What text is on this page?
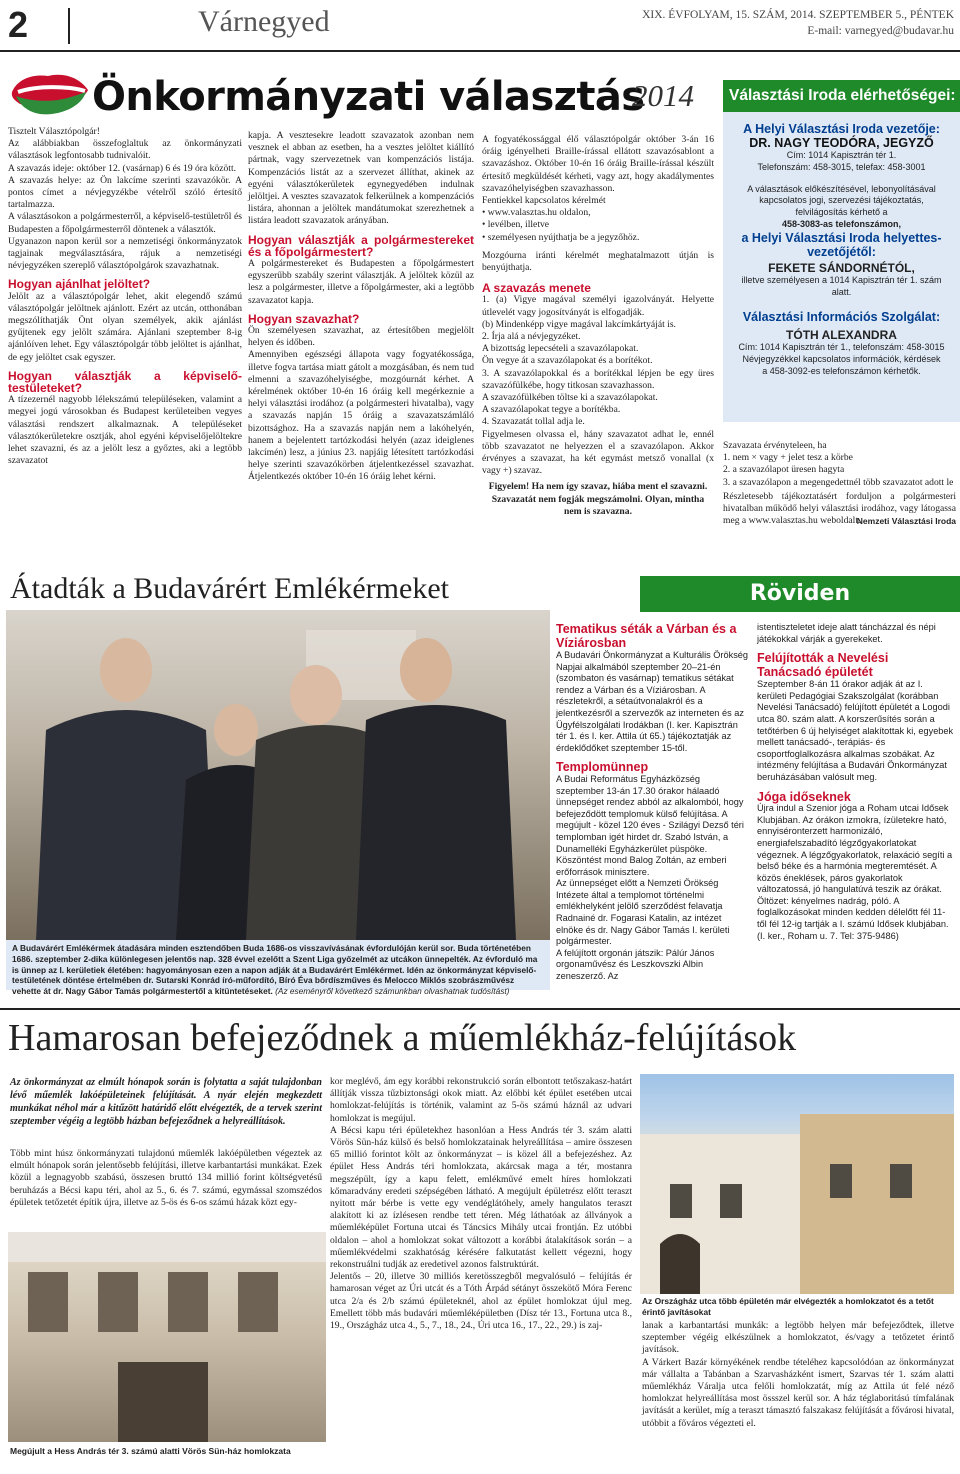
2	Várnegyed	XIX. ÉVFOLYAM, 15. SZÁM, 2014. SZEPTEMBER 5., PÉNTEK
E-mail: varnegyed@budavar.hu
Önkormányzati választás
2014

Tisztelt Választópolgár!

Az alábbiakban összefoglaltuk az önkormányzati választások legfontosabb tudnivalóit.

A szavazás ideje: október 12. (vasárnap) 6 és 19 óra között.

A szavazás helye: az Ön lakcíme szerinti szavazókör. A pontos címet a névjegyzékbe vételről szóló értesítő tartalmazza.

A választásokon a polgármesterről, a képviselő-testületről és Budapesten a főpolgármesterről döntenek a választók.

Ugyanazon napon kerül sor a nemzetiségi önkormányzatok tagjainak megválasztására, rájuk a nemzetiségi névjegyzéken szereplő választópolgárok szavazhatnak.

Hogyan ajánlhat jelöltet?

Jelölt az a választópolgár lehet, akit elegendő számú választópolgár jelöltnek ajánlott. Ezért az utcán, otthonában megszólíthatják Önt olyan személyek, akik ajánlást gyűjtenek egy jelölt számára. Ajánlani szeptember 8-ig ajánlóíven lehet. Egy választópolgár több jelöltet is ajánlhat, de egy jelöltet csak egyszer.

Hogyan választják a képviselő-testületeket?

A tízezernél nagyobb lélekszámú településeken, valamint a megyei jogú városokban és Budapest kerületeiben vegyes választási rendszert alkalmaznak. A településeket választókerületekre osztják, ahol egyéni képviselőjelöltekre lehet szavazni, és az a jelölt lesz a győztes, aki a legtöbb szavazatot

kapja. A vesztesekre leadott szavazatok azonban nem vesznek el abban az esetben, ha a vesztes jelöltet kiállító pártnak, vagy szervezetnek van kompenzációs listája. Kompenzációs listát az a szervezet állíthat, akinek az egyéni választókerületek egynegyedében indulnak jelöltjei. A vesztes szavazatok felkerülnek a kompenzációs listára, ahonnan a jelöltek mandátumokat szerezhetnek a listára leadott szavazatok arányában.

Hogyan választják a polgármestereket és a főpolgármestert?

A polgármestereket és Budapesten a főpolgármestert egyszerűbb szabály szerint választják. A jelöltek közül az lesz a polgármester, illetve a főpolgármester, aki a legtöbb szavazatot kapja.

Hogyan szavazhat?

Ön személyesen szavazhat, az értesítőben megjelölt helyen és időben.

Amennyiben egészségi állapota vagy fogyatékossága, illetve fogva tartása miatt gátolt a mozgásában, és nem tud elmenni a szavazóhelyiségbe, mozgóurnát kérhet. A kérelmének október 10-én 16 óráig kell megérkeznie a helyi választási irodához (a polgármesteri hivatalba), vagy a szavazás napján 15 óráig a szavazatszámláló bizottsághoz. Ha a szavazás napján nem a lakóhelyén, hanem a bejelentett tartózkodási helyén (azaz ideiglenes lakcímén) lesz, a június 23. napjáig létesített tartózkodási helye szerinti szavazókörben átjelentkezéssel szavazhat. Átjelentkezés október 10-én 16 óráig lehet kérni.

A fogyatékossággal élő választópolgár október 3-án 16 óráig igényelheti Braille-írással ellátott szavazósablont a szavazáshoz. Október 10-én 16 óráig Braille-írással készült értesítő megküldését kérheti, vagy azt, hogy akadálymentes szavazóhelyiségben szavazhasson.

Fentiekkel kapcsolatos kérelmét

• www.valasztas.hu oldalon,

• levélben, illetve

• személyesen nyújthatja be a jegyzőhöz.

Mozgóurna iránti kérelmét meghatalmazott útján is benyújthatja.

A szavazás menete

1. (a) Vigye magával személyi igazolványát. Helyette útlevelét vagy jogosítványát is elfogadják.

(b) Mindenképp vigye magával lakcímkártyáját is.

2. Írja alá a névjegyzéket.

A bizottság lepecsételi a szavazólapokat.

Ön vegye át a szavazólapokat és a borítékot.

3. A szavazólapokkal és a borítékkal lépjen be egy üres szavazófülkébe, hogy titkosan szavazhasson.

A szavazófülkében töltse ki a szavazólapokat.

A szavazólapokat tegye a borítékba.

4. Szavazatát tollal adja le.

Figyelmesen olvassa el, hány szavazatot adhat le, ennél több szavazatot ne helyezzen el a szavazólapon. Akkor érvényes a szavazat, ha két egymást metsző vonallal (x vagy +) szavaz.

Figyelem! Ha nem így szavaz, hiába ment el szavazni. Szavazatát nem fogják megszámolni. Olyan, mintha nem is szavazna.

Választási Iroda elérhetőségei:
A Helyi Választási Iroda vezetője:
DR. NAGY TEODÓRA, JEGYZŐ
Cím: 1014 Kapisztrán tér 1.
Telefonszám: 458-3015, telefax: 458-3001
A választások előkészítésével, lebonyolításával kapcsolatos jogi, szervezési tájékoztatás, felvilágosítás kérhető a
458-3083-as telefonszámon,
a Helyi Választási Iroda helyettes-vezetőjétől:
FEKETE SÁNDORNÉTÓL,
illetve személyesen a 1014 Kapisztrán tér 1. szám alatt.
Választási Információs Szolgálat:
TÓTH ALEXANDRA
Cím: 1014 Kapisztrán tér 1., telefonszám: 458-3015
Névjegyzékkel kapcsolatos információk, kérdések a 458-3092-es telefonszámon kérhetők.

Szavazata érvényteleen, ha

1. nem × vagy + jelet tesz a körbe

2. a szavazólapot üresen hagyta

3. a szavazólapon a megengedettnél több szavazatot adott le

Részletesebb tájékoztatásért forduljon a polgármesteri hivatalban működő helyi választási irodához, vagy látogassa meg a www.valasztas.hu weboldalt.

Nemzeti Választási Iroda

Átadták a Budavárért Emlékérmeket
A Budavárért Emlékérmek átadására minden esztendőben Buda 1686-os visszavívásának évfordulóján kerül sor. Buda történetében 1686. szeptember 2-dika különlegesen jelentős nap. 328 évvel ezelőtt a Szent Liga győzelmét az utcákon ünnepelték. Az évforduló ma is ünnep az I. kerületiek életében: hagyományosan ezen a napon adják át a Budavárért Emlékérmet. Idén az önkormányzat képviselő-testületének döntése értelmében dr. Sutarski Konrád író-műfordító, Bíró Éva bőrdíszműves és Melocco Miklós szobrászművész vehette át dr. Nagy Gábor Tamás polgármestertől a kitüntetéseket. (Az eseményről következő számunkban olvashatnak tudósítást)
Röviden

Tematikus séták a Várban és a Víziárosban

A Budavári Önkormányzat a Kulturális Örökség Napjai alkalmából szeptember 20–21-én (szombaton és vasárnap) tematikus sétákat rendez a Várban és a Víziárosban. A részletekről, a sétaútvonalakról és a jelentkezésről a szervezők az interneten és az Ügyfélszolgálati Irodákban (I. ker. Kapisztrán tér 1. és I. ker. Attila út 65.) tájékoztatják az érdeklődőket szeptember 15-től.

Templomünnep

A Budai Református Egyházközség szeptember 13-án 17.30 órakor hálaadó ünnepséget rendez abból az alkalomból, hogy befejeződött templomuk külső felújítása. A megújult - közel 120 éves - Szilágyi Dezső téri templomban igét hirdet dr. Szabó István, a Dunamelléki Egyházkerület püspöke. Köszöntést mond Balog Zoltán, az emberi erőforrások minisztere.

Az ünnepséget előtt a Nemzeti Örökség Intézete által a templomot történelmi emlékhelyként jelölő szerződést felavatja Radnainé dr. Fogarasi Katalin, az intézet elnöke és dr. Nagy Gábor Tamás I. kerületi polgármester.

A felújított orgonán játszik: Pálúr János orgonaművész és Leszkovszki Albin zeneszerző. Az

istentiszteletet ideje alatt táncházzal és népi játékokkal várják a gyerekeket.

Felújították a Nevelési Tanácsadó épületét

Szeptember 8-án 11 órakor adják át az I. kerületi Pedagógiai Szakszolgálat (korábban Nevelési Tanácsadó) felújított épületét a Logodi utca 80. szám alatt. A korszerűsítés során a tetőtérben 6 új helyiséget alakítottak ki, egyebek mellett tanácsadó-, terápiás- és csoportfoglalkozásra alkalmas szobákat. Az intézmény felújítása a Budavári Önkormányzat beruházásában valósult meg.

Jóga időseknek

Újra indul a Szenior jóga a Roham utcai Idősek Klubjában. Az órákon izmokra, ízületekre ható, ennyiséronterzett harmonizáló, energiafelszabadító légzőgyakorlatokat végeznek. A légzőgyakorlatok, relaxáció segíti a belső béke és a harmónia megteremtését. A közös éneklések, páros gyakorlatok változatossá, jó hangulatúvá teszik az órákat. Öltözet: kényelmes nadrág, póló. A foglalkozásokat minden kedden délelőtt fél 11-től fél 12-ig tartják a I. számú Idősek klubjában. (I. ker., Roham u. 7. Tel: 375-9486)

Hamarosan befejeződnek a műemlékház-felújítások
Az önkormányzat az elmúlt hónapok során is folytatta a saját tulajdonban lévő műemlék lakóépületeinek felújítását. A nyár elején megkezdett munkákat néhol már a kitűzött határidő előtt elvégezték, de a tervek szerint szeptember végéig a legtöbb házban befejeződnek a helyreállítások.
Több mint húsz önkormányzati tulajdonú műemlék lakóépületben végeztek az elmúlt hónapok során jelentősebb felújítási, illetve karbantartási munkákat. Ezek közül a legnagyobb szabású, összesen bruttó 134 millió forint költségvetésű beruházás a Bécsi kapu téri, ahol az 5., 6. és 7. számú, egymással szomszédos épületek tetőzetét építik újra, illetve az 5-ös és 6-os számú házak közt egy-
Megújult a Hess András tér 3. számú alatti Vörös Sün-ház homlokzata

kor meglévő, ám egy korábbi rekonstrukció során elbontott tetőszakasz-határt állítják vissza tűzbiztonsági okok miatt. Az előbbi két épület esetében utcai homlokzat-felújítás is történik, valamint az 5-ös számú háznál az udvari homlokzat is megújul.

A Bécsi kapu téri épületekhez hasonlóan a Hess András tér 3. szám alatti Vörös Sün-ház külső és belső homlokzatainak helyreállítása – amire összesen 65 millió forintot költ az önkormányzat – is közel áll a befejezéshez. Az épület Hess András téri homlokzata, akárcsak maga a tér, mostanra megszépült, így a kapu felett, emlékművé emelt híres homlokzati kőmaradvány eredeti szépségében látható. A megújult épületrész előtt teraszt nyitott már bérbe is vette egy vendéglátóhely, amely hangulatos teraszt alakított ki az ízlésesen rendbe tett téren. Még láthatóak az állványok a műemléképület Fortuna utcai és Táncsics Mihály utcai frontján. Ez utóbbi oldalon – ahol a homlokzat sokat változott a korábbi átalakítások során – a műemlékvédelmi szakhatóság kérésére falkutatást kellett végezni, hogy rekonstruálni tudják az eredetivel azonos falstruktúrát.

Jelentős – 20, illetve 30 milliós keretösszegből megvalósuló – felújítás ér hamarosan véget az Úri utcát és a Tóth Árpád sétányt összekötő Móra Ferenc utca 2/a és 2/b számú épületeknél, ahol az épület homlokzat újul meg. Emellett több más budavári műemléképületben (Dísz tér 13., Fortuna utca 8., 19., Országház utca 4., 5., 7., 18., 24., Úri utca 16., 17., 22., 29.) is zaj-

Az Országház utca több épületén már elvégezték a homlokzatot és a tetőt érintő javításokat

lanak a karbantartási munkák: a legtöbb helyen már befejeződtek, illetve szeptember végéig elkészülnek a homlokzatot, és/vagy a tetőzetet érintő javítások.

A Várkert Bazár környékének rendbe tételéhez kapcsolódóan az önkormányzat már vállalta a Tabánban a Szarvasházként ismert, Szarvas tér 1. szám alatti műemlékház Váralja utca felőli homlokzatát, míg az Attila út felé néző homlokzat helyreállítása most össszel kerül sor. A ház téglaboritású tímfalának javítását a kerület, míg a teraszt támasztó falszakasz felújítását a fővárosi hivatal, utóbbit a főváros végezteti el.
